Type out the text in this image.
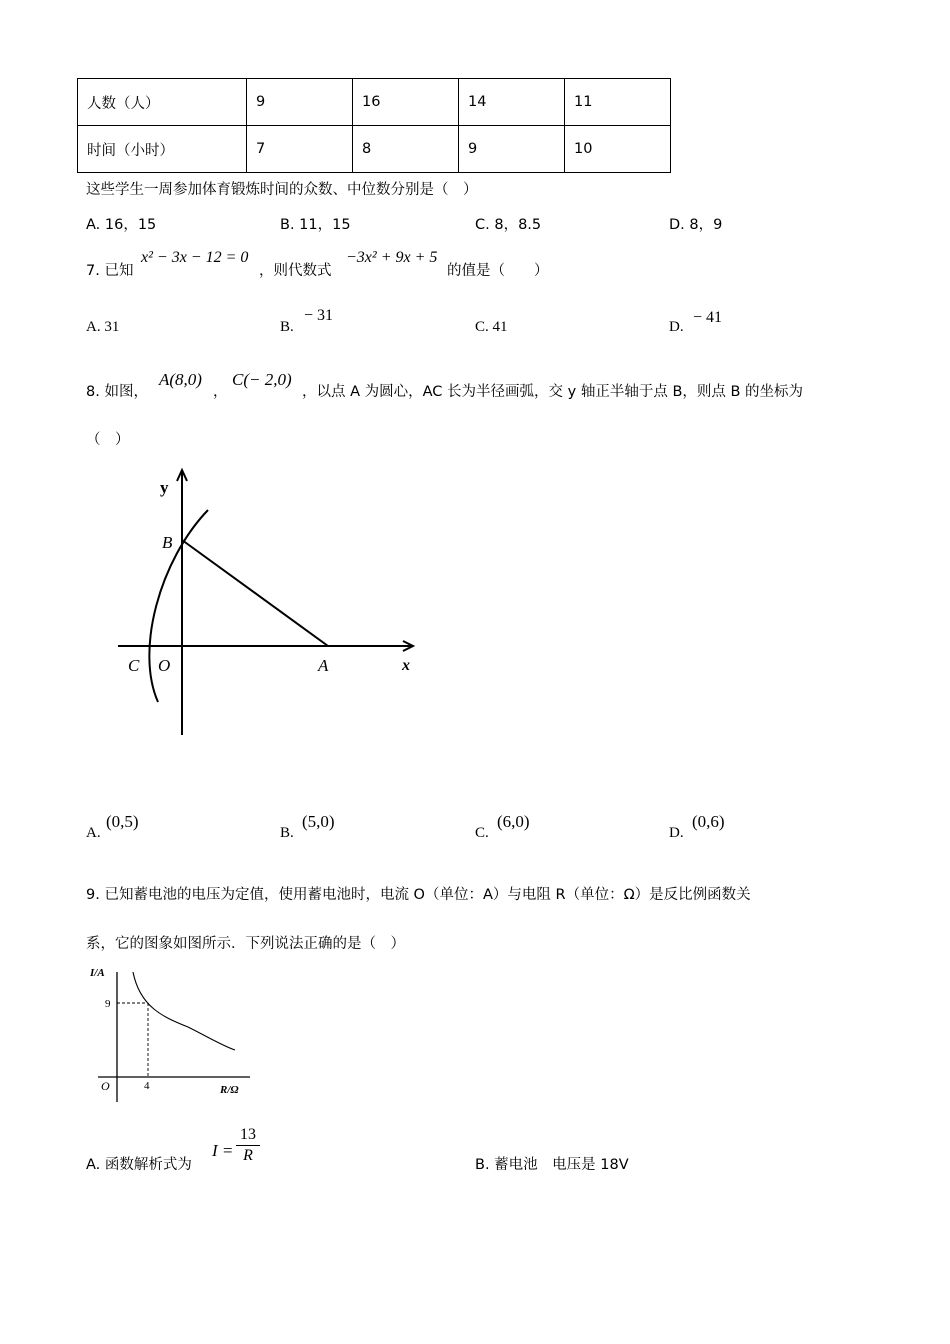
人数（人）	9	16	14	11
时间（小时）	7	8	9	10
这些学生一周参加体育锻炼时间的众数、中位数分别是（　）
A. 16，15	B. 11，15	C. 8，8.5	D. 8，9
7. 已知
x² − 3x − 12 = 0
，则代数式
−3x² + 9x + 5
的值是（　　）
A. 31	B.
− 31
C. 41	D.
− 41
8. 如图，
A(8,0)
，
C(− 2,0)
，以点 A 为圆心，AC 长为半径画弧，交 y 轴正半轴于点 B，则点 B 的坐标为
（　）
y
x
B
C O	A
A.
(0,5)
B.
(5,0)
C.
(6,0)
D.
(0,6)
9. 已知蓄电池的电压为定值，使用蓄电池时，电流 O（单位：A）与电阻 R（单位：Ω）是反比例函数关
系，它的图象如图所示．下列说法正确的是（　）
I/A
9
O	4	R/Ω
A. 函数解析式为
I =
13
R
B. 蓄电池　电压是 18V
